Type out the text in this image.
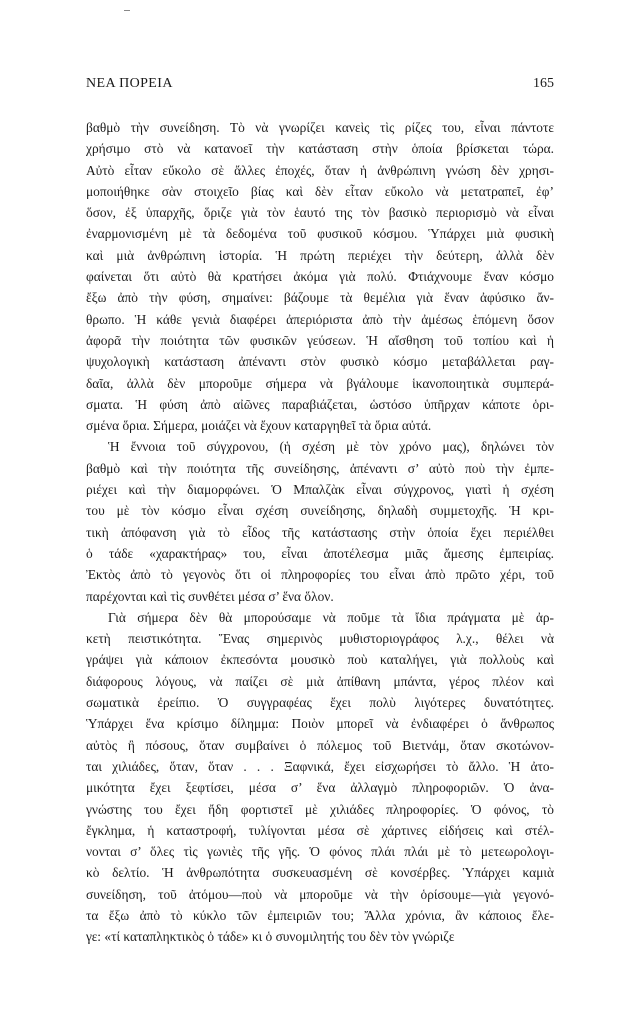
ΝΕΑ ΠΟΡΕΙΑ	165
βαθμὸ τὴν συνείδηση. Τὸ νὰ γνωρίζει κανεὶς τὶς ρίζες του, εἶναι πάντοτε
χρήσιμο στὸ νὰ κατανοεῖ τὴν κατάσταση στὴν ὁποία βρίσκεται τώρα.
Αὐτὸ εἶταν εὔκολο σὲ ἄλλες ἐποχές, ὅταν ἡ ἀνθρώπινη γνώση δὲν χρησι-
μοποιήθηκε σὰν στοιχεῖο βίας καὶ δὲν εἶταν εὔκολο νὰ μετατραπεῖ, ἐφ’
ὅσον, ἐξ ὑπαρχῆς, ὅριζε γιὰ τὸν ἑαυτό της τὸν βασικὸ περιορισμὸ νὰ εἶναι
ἐναρμονισμένη μὲ τὰ δεδομένα τοῦ φυσικοῦ κόσμου. Ὑπάρχει μιὰ φυσικὴ
καὶ μιὰ ἀνθρώπινη ἱστορία. Ἡ πρώτη περιέχει τὴν δεύτερη, ἀλλὰ δὲν
φαίνεται ὅτι αὐτὸ θὰ κρατήσει ἀκόμα γιὰ πολύ. Φτιάχνουμε ἕναν κόσμο
ἔξω ἀπὸ τὴν φύση, σημαίνει: βάζουμε τὰ θεμέλια γιὰ ἕναν ἀφύσικο ἄν-
θρωπο. Ἡ κάθε γενιὰ διαφέρει ἀπεριόριστα ἀπὸ τὴν ἀμέσως ἑπόμενη ὅσον
ἀφορᾶ τὴν ποιότητα τῶν φυσικῶν γεύσεων. Ἡ αἴσθηση τοῦ τοπίου καὶ ἡ
ψυχολογικὴ κατάσταση ἀπέναντι στὸν φυσικὸ κόσμο μεταβάλλεται ραγ-
δαῖα, ἀλλὰ δὲν μποροῦμε σήμερα νὰ βγάλουμε ἱκανοποιητικὰ συμπερά-
σματα. Ἡ φύση ἀπὸ αἰῶνες παραβιάζεται, ὡστόσο ὑπῆρχαν κάποτε ὁρι-
σμένα ὅρια. Σήμερα, μοιάζει νὰ ἔχουν καταργηθεῖ τὰ ὅρια αὐτά.
Ἡ ἔννοια τοῦ σύγχρονου, (ἡ σχέση μὲ τὸν χρόνο μας), δηλώνει τὸν
βαθμὸ καὶ τὴν ποιότητα τῆς συνείδησης, ἀπέναντι σ’ αὐτὸ ποὺ τὴν ἐμπε-
ριέχει καὶ τὴν διαμορφώνει. Ὁ Μπαλζὰκ εἶναι σύγχρονος, γιατὶ ἡ σχέση
του μὲ τὸν κόσμο εἶναι σχέση συνείδησης, δηλαδὴ συμμετοχῆς. Ἡ κρι-
τικὴ ἀπόφανση γιὰ τὸ εἶδος τῆς κατάστασης στὴν ὁποία ἔχει περιέλθει
ὁ τάδε «χαρακτήρας» του, εἶναι ἀποτέλεσμα μιᾶς ἄμεσης ἐμπειρίας.
Ἐκτὸς ἀπὸ τὸ γεγονὸς ὅτι οἱ πληροφορίες του εἶναι ἀπὸ πρῶτο χέρι, τοῦ
παρέχονται καὶ τὶς συνθέτει μέσα σ’ ἕνα ὅλον.
Γιὰ σήμερα δὲν θὰ μπορούσαμε νὰ ποῦμε τὰ ἴδια πράγματα μὲ ἀρ-
κετὴ πειστικότητα. Ἕνας σημερινὸς μυθιστοριογράφος λ.χ., θέλει νὰ
γράψει γιὰ κάποιον ἐκπεσόντα μουσικὸ ποὺ καταλήγει, γιὰ πολλοὺς καὶ
διάφορους λόγους, νὰ παίζει σὲ μιὰ ἀπίθανη μπάντα, γέρος πλέον καὶ
σωματικὰ ἐρείπιο. Ὁ συγγραφέας ἔχει πολὺ λιγότερες δυνατότητες.
Ὑπάρχει ἕνα κρίσιμο δίλημμα: Ποιὸν μπορεῖ νὰ ἐνδιαφέρει ὁ ἄνθρωπος
αὐτὸς ἢ πόσους, ὅταν συμβαίνει ὁ πόλεμος τοῦ Βιετνάμ, ὅταν σκοτώνον-
ται χιλιάδες, ὅταν, ὅταν . . . Ξαφνικά, ἔχει εἰσχωρήσει τὸ ἄλλο. Ἡ ἀτο-
μικότητα ἔχει ξεφτίσει, μέσα σ’ ἕνα ἀλλαγμὸ πληροφοριῶν. Ὁ ἀνα-
γνώστης του ἔχει ἤδη φορτιστεῖ μὲ χιλιάδες πληροφορίες. Ὁ φόνος, τὸ
ἔγκλημα, ἡ καταστροφή, τυλίγονται μέσα σὲ χάρτινες εἰδήσεις καὶ στέλ-
νονται σ’ ὅλες τὶς γωνιὲς τῆς γῆς. Ὁ φόνος πλάι πλάι μὲ τὸ μετεωρολογι-
κὸ δελτίο. Ἡ ἀνθρωπότητα συσκευασμένη σὲ κονσέρβες. Ὑπάρχει καμιὰ
συνείδηση, τοῦ ἀτόμου—ποὺ νὰ μποροῦμε νὰ τὴν ὁρίσουμε—γιὰ γεγονό-
τα ἔξω ἀπὸ τὸ κύκλο τῶν ἐμπειριῶν του; Ἄλλα χρόνια, ἂν κάποιος ἔλε-
γε: «τί καταπληκτικὸς ὁ τάδε» κι ὁ συνομιλητής του δὲν τὸν γνώριζε
